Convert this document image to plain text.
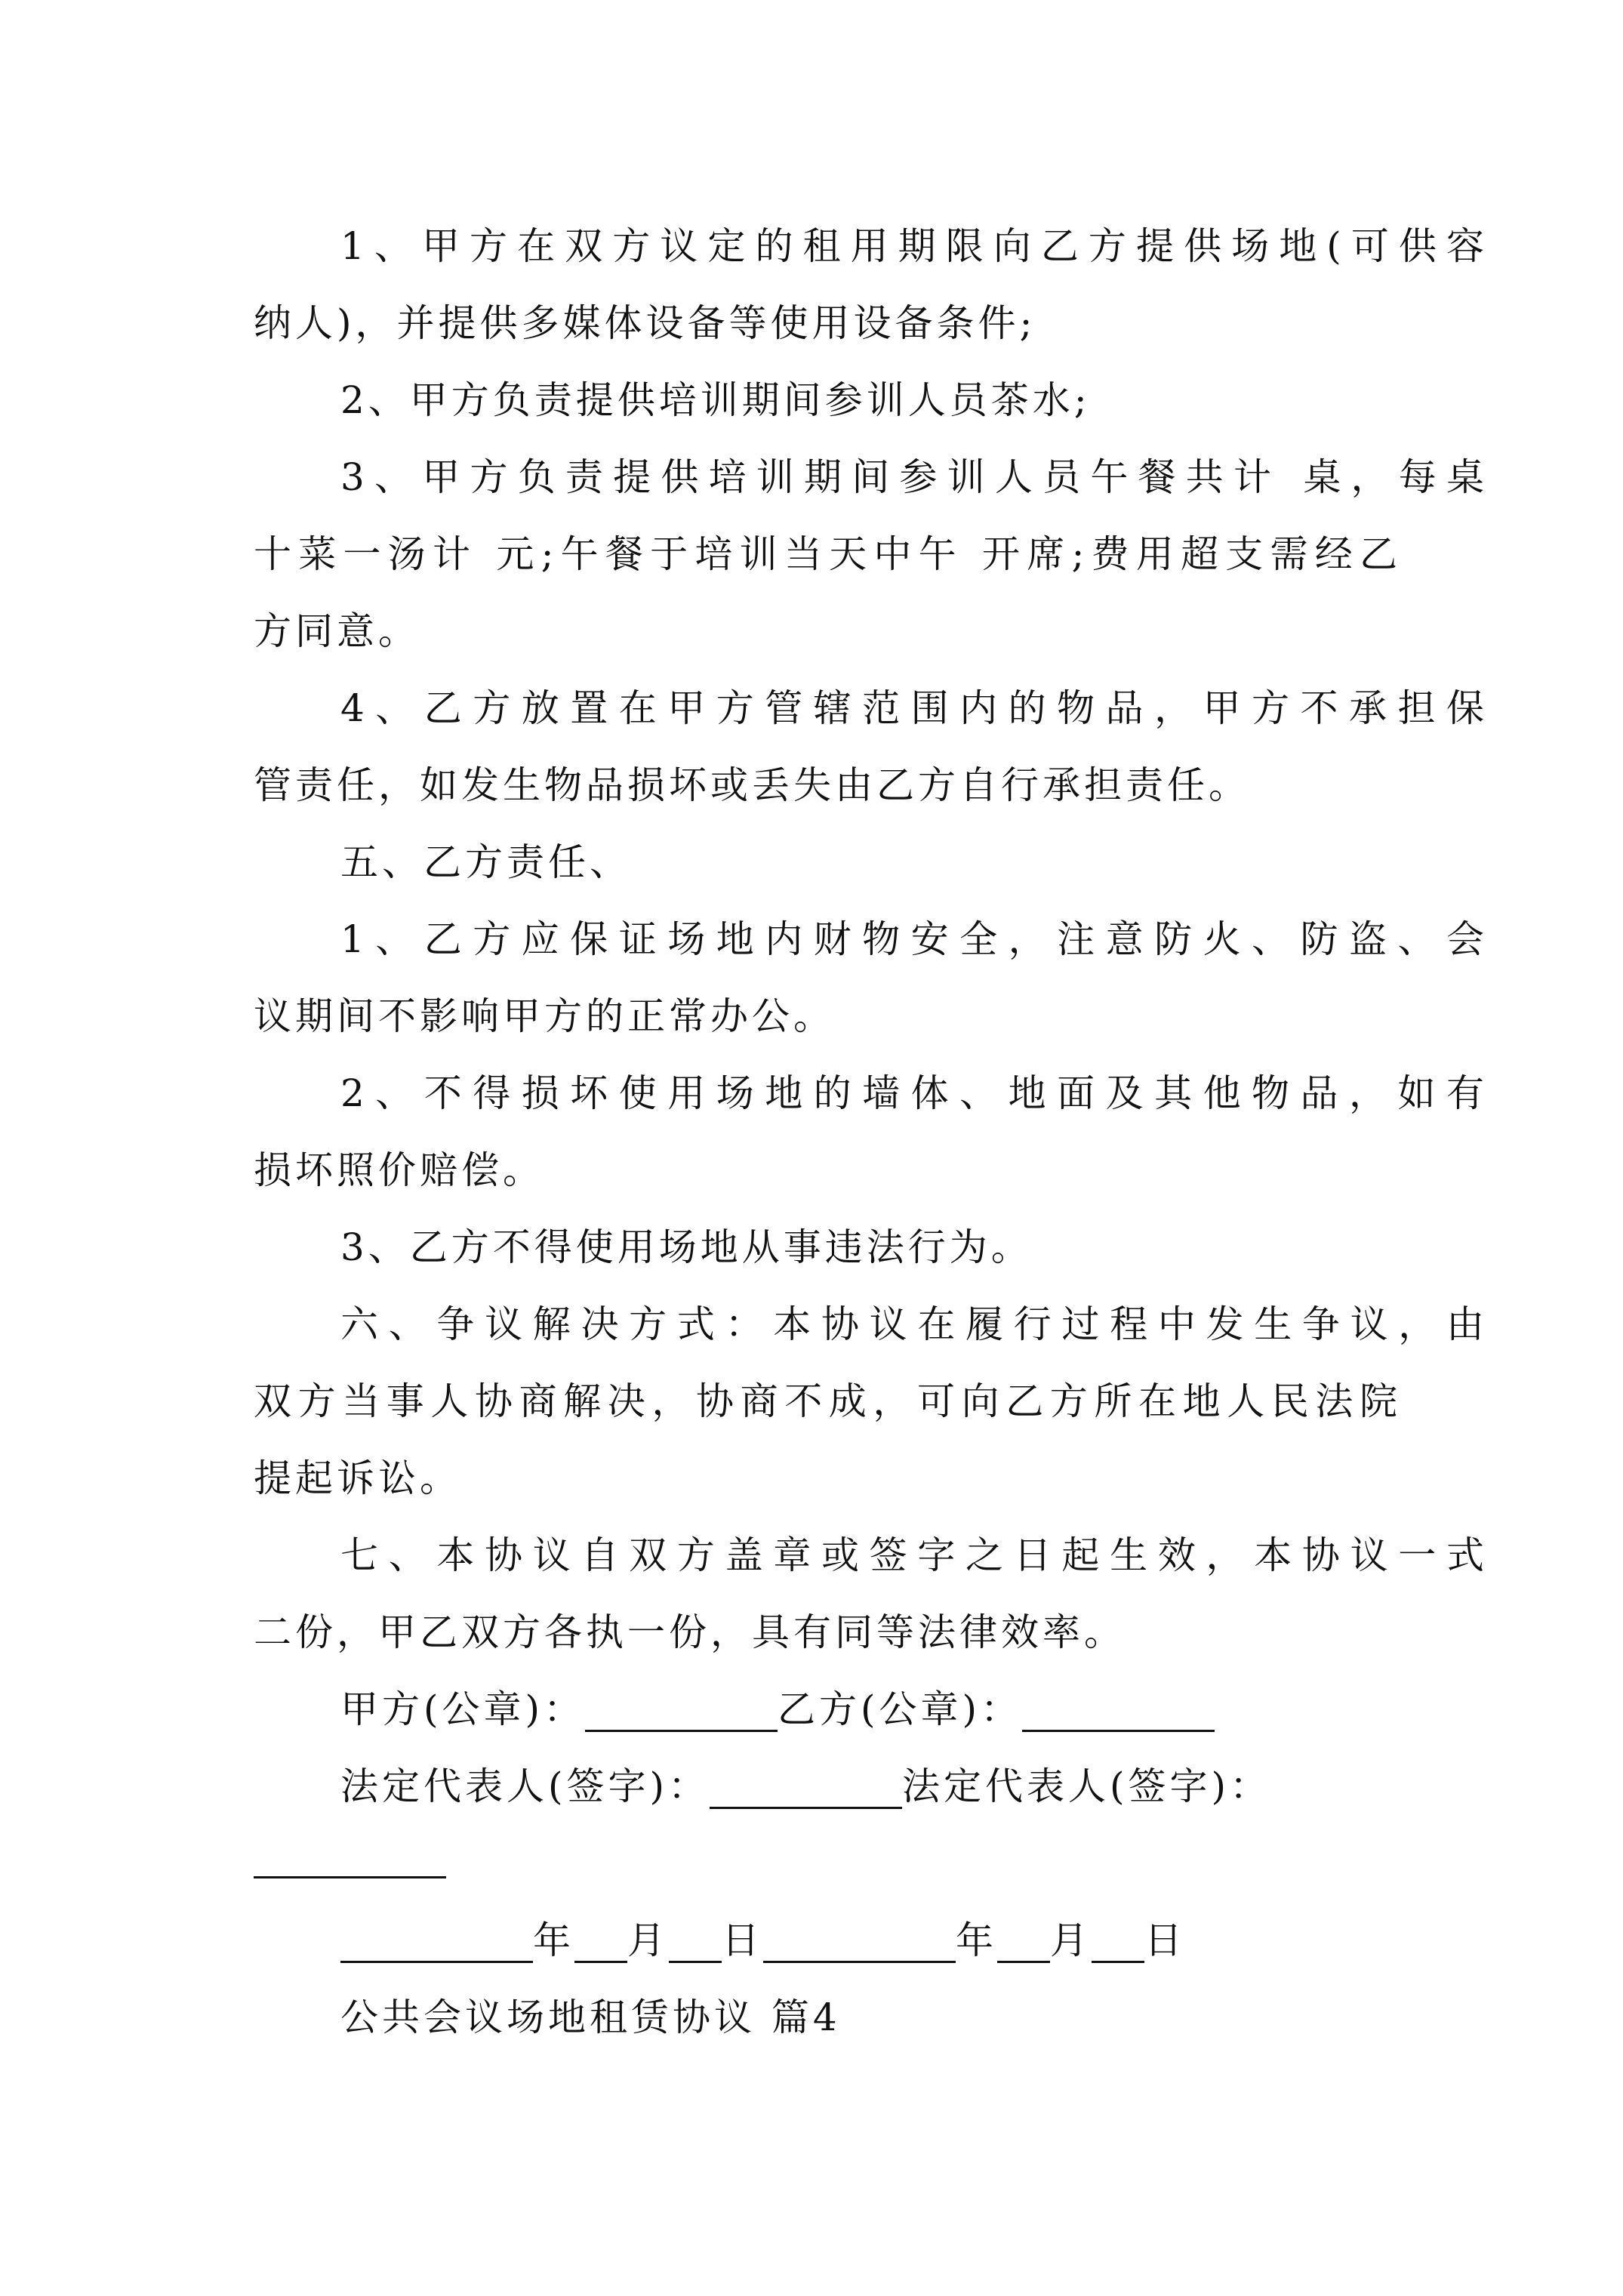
1、甲方在双方议定的租用期限向乙方提供场地(可供容
纳人)，并提供多媒体设备等使用设备条件;
2、甲方负责提供培训期间参训人员茶水;
3、甲方负责提供培训期间参训人员午餐共计 桌，每桌
十菜一汤计 元;午餐于培训当天中午 开席;费用超支需经乙
方同意。
4、乙方放置在甲方管辖范围内的物品，甲方不承担保
管责任，如发生物品损坏或丢失由乙方自行承担责任。
五、乙方责任、
1、乙方应保证场地内财物安全，注意防火、防盗、会
议期间不影响甲方的正常办公。
2、不得损坏使用场地的墙体、地面及其他物品，如有
损坏照价赔偿。
3、乙方不得使用场地从事违法行为。
六、争议解决方式：本协议在履行过程中发生争议，由
双方当事人协商解决，协商不成，可向乙方所在地人民法院
提起诉讼。
七、本协议自双方盖章或签字之日起生效，本协议一式
二份，甲乙双方各执一份，具有同等法律效率。
甲方(公章)：	乙方(公章)：
法定代表人(签字)：	法定代表人(签字)：
年 月 日	年 月 日
公共会议场地租赁协议 篇4
